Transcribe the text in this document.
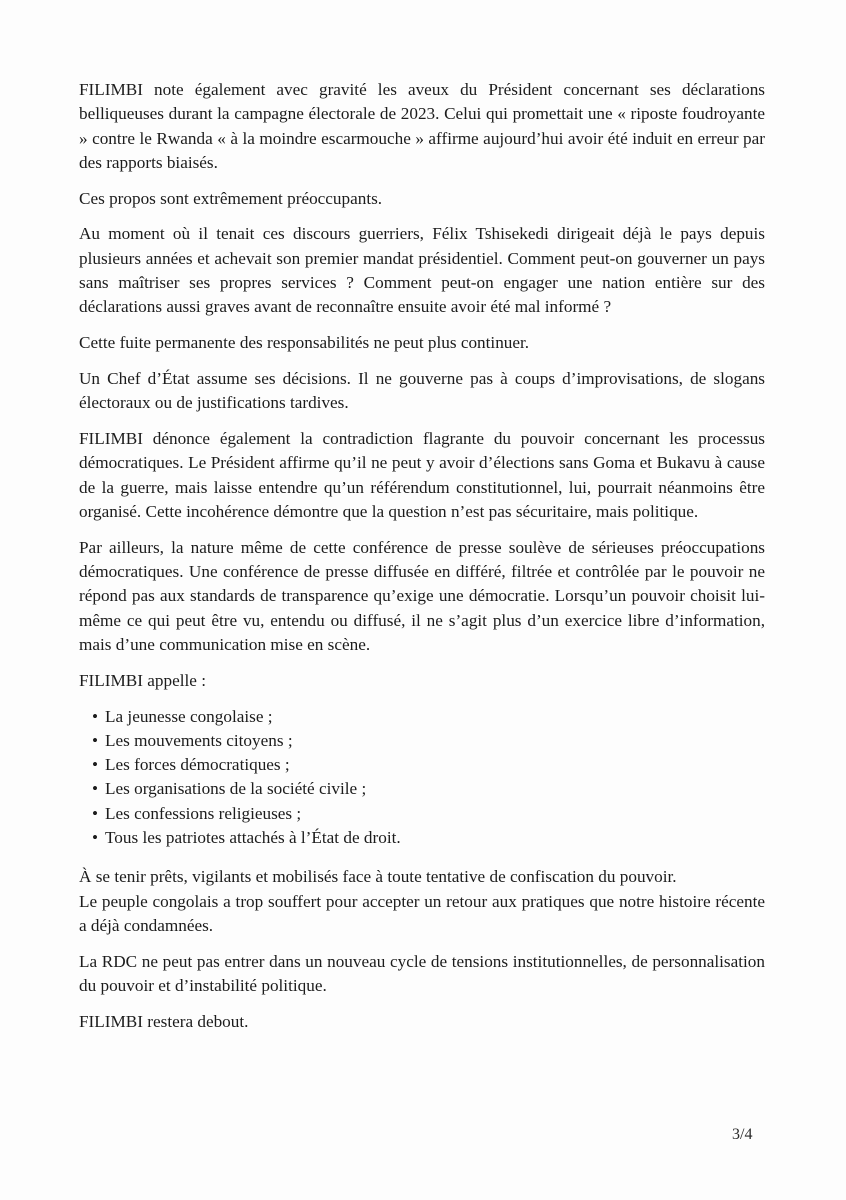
FILIMBI note également avec gravité les aveux du Président concernant ses déclarations belliqueuses durant la campagne électorale de 2023. Celui qui promettait une « riposte foudroyante » contre le Rwanda « à la moindre escarmouche » affirme aujourd’hui avoir été induit en erreur par des rapports biaisés.

Ces propos sont extrêmement préoccupants.

Au moment où il tenait ces discours guerriers, Félix Tshisekedi dirigeait déjà le pays depuis plusieurs années et achevait son premier mandat présidentiel. Comment peut-on gouverner un pays sans maîtriser ses propres services ? Comment peut-on engager une nation entière sur des déclarations aussi graves avant de reconnaître ensuite avoir été mal informé ?

Cette fuite permanente des responsabilités ne peut plus continuer.

Un Chef d’État assume ses décisions. Il ne gouverne pas à coups d’improvisations, de slogans électoraux ou de justifications tardives.

FILIMBI dénonce également la contradiction flagrante du pouvoir concernant les processus démocratiques. Le Président affirme qu’il ne peut y avoir d’élections sans Goma et Bukavu à cause de la guerre, mais laisse entendre qu’un référendum constitutionnel, lui, pourrait néanmoins être organisé. Cette incohérence démontre que la question n’est pas sécuritaire, mais politique.

Par ailleurs, la nature même de cette conférence de presse soulève de sérieuses préoccupations démocratiques. Une conférence de presse diffusée en différé, filtrée et contrôlée par le pouvoir ne répond pas aux standards de transparence qu’exige une démocratie. Lorsqu’un pouvoir choisit lui-même ce qui peut être vu, entendu ou diffusé, il ne s’agit plus d’un exercice libre d’information, mais d’une communication mise en scène.

FILIMBI appelle :

• La jeunesse congolaise ;
• Les mouvements citoyens ;
• Les forces démocratiques ;
• Les organisations de la société civile ;
• Les confessions religieuses ;
• Tous les patriotes attachés à l’État de droit.

À se tenir prêts, vigilants et mobilisés face à toute tentative de confiscation du pouvoir.

Le peuple congolais a trop souffert pour accepter un retour aux pratiques que notre histoire récente a déjà condamnées.

La RDC ne peut pas entrer dans un nouveau cycle de tensions institutionnelles, de personnalisation du pouvoir et d’instabilité politique.

FILIMBI restera debout.

3/4
